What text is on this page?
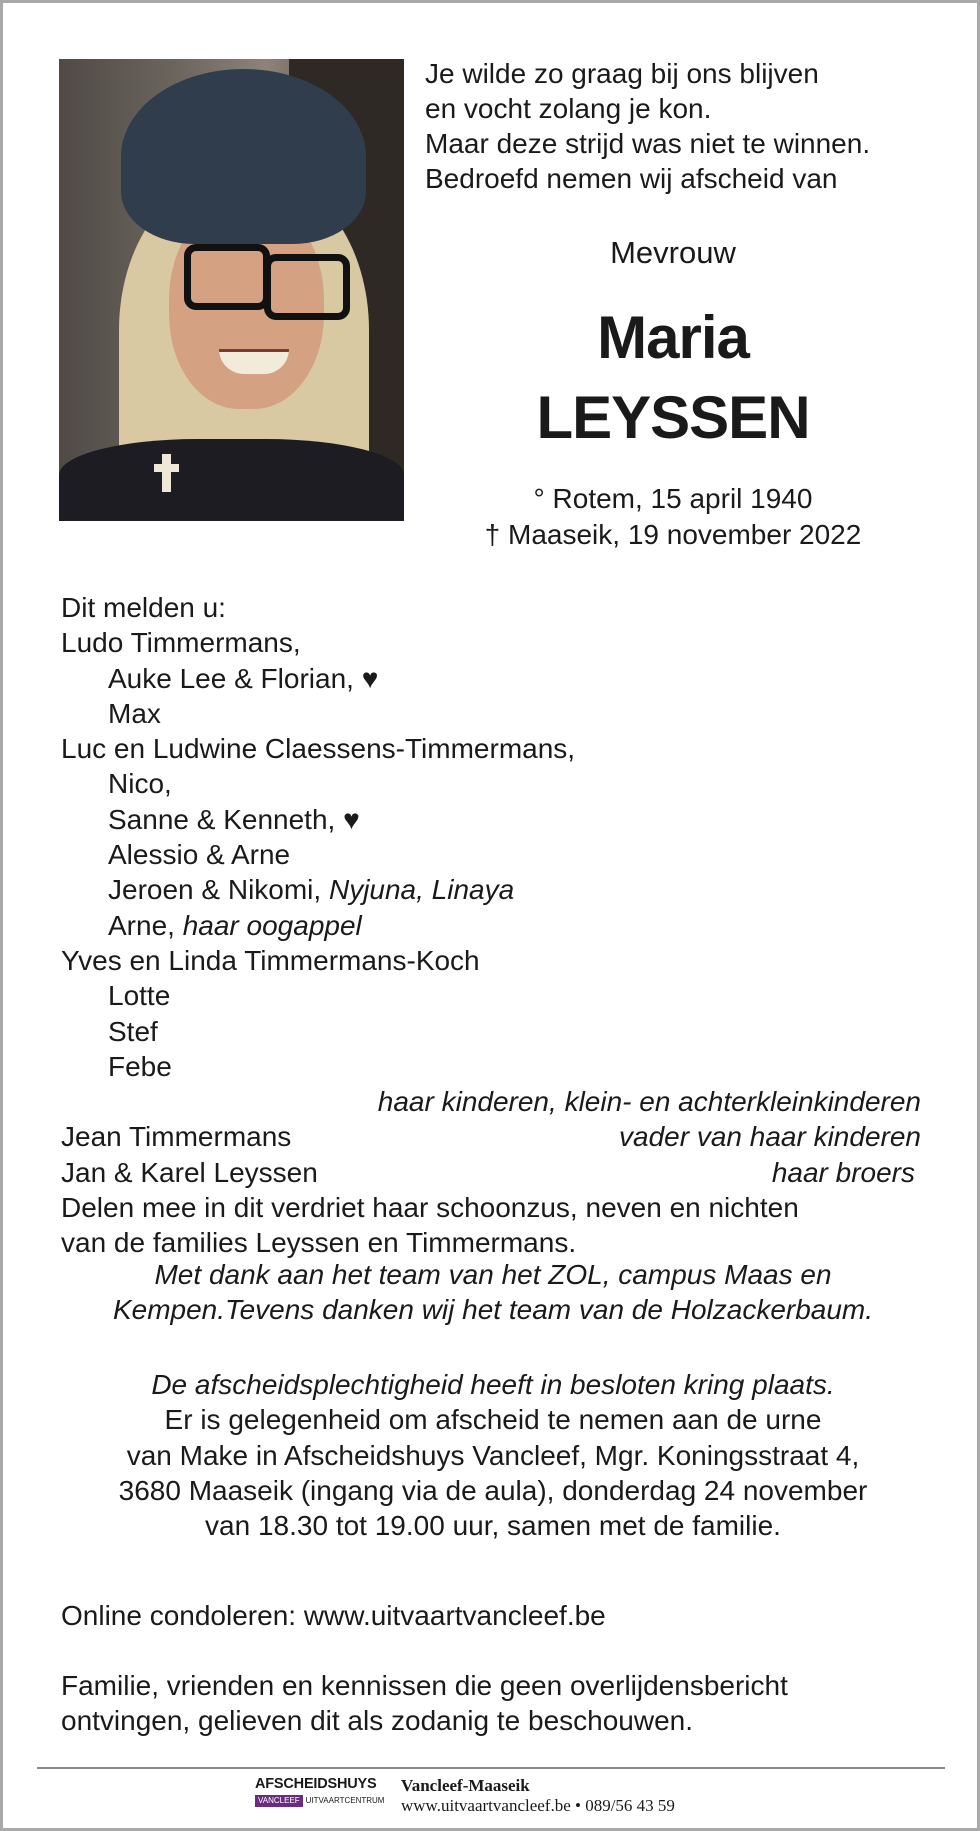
Je wilde zo graag bij ons blijven
en vocht zolang je kon.
Maar deze strijd was niet te winnen.
Bedroefd nemen wij afscheid van
Mevrouw
Maria
LEYSSEN
° Rotem, 15 april 1940
† Maaseik, 19 november 2022
Dit melden u:
Ludo Timmermans,
Auke Lee & Florian, ♥
Max
Luc en Ludwine Claessens-Timmermans,
Nico,
Sanne & Kenneth, ♥
Alessio & Arne
Jeroen & Nikomi, Nyjuna, Linaya
Arne, haar oogappel
Yves en Linda Timmermans-Koch
Lotte
Stef
Febe
haar kinderen, klein- en achterkleinkinderen
Jean Timmermans	vader van haar kinderen
Jan & Karel Leyssen	haar broers
Delen mee in dit verdriet haar schoonzus, neven en nichten
van de families Leyssen en Timmermans.
Met dank aan het team van het ZOL, campus Maas en
Kempen.Tevens danken wij het team van de Holzackerbaum.
De afscheidsplechtigheid heeft in besloten kring plaats.
Er is gelegenheid om afscheid te nemen aan de urne
van Make in Afscheidshuys Vancleef, Mgr. Koningsstraat 4,
3680 Maaseik (ingang via de aula), donderdag 24 november
van 18.30 tot 19.00 uur, samen met de familie.
Online condoleren: www.uitvaartvancleef.be
Familie, vrienden en kennissen die geen overlijdensbericht
ontvingen, gelieven dit als zodanig te beschouwen.
AFSCHEIDSHUYS
VANCLEEF UITVAARTCENTRUM
Vancleef-Maaseik
www.uitvaartvancleef.be • 089/56 43 59
